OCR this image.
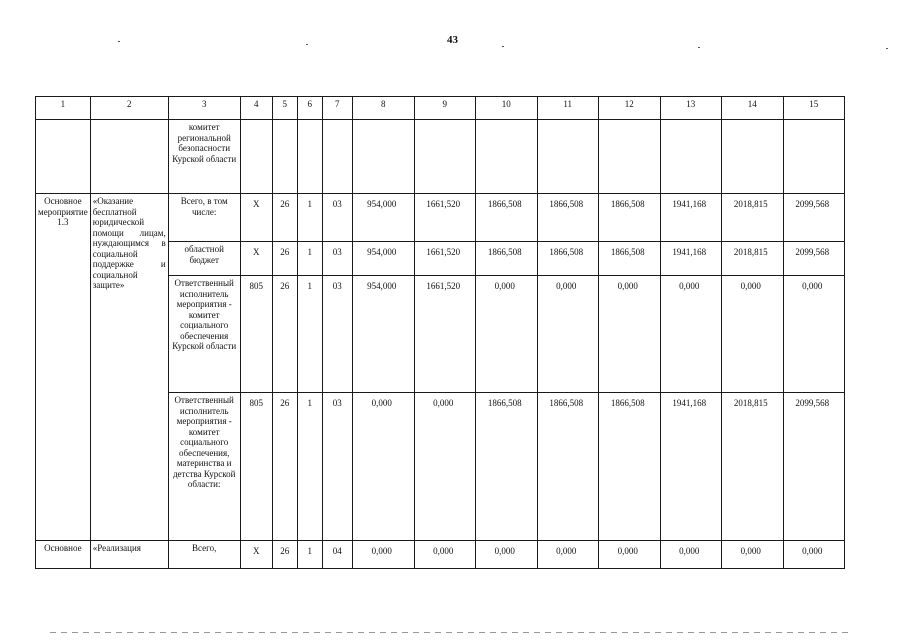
43
1	2	3	4	5	6	7	8	9	10	11	12	13	14	15
		комитет регионально​й безопасности Курской области												
Основное мероприятие 1.3	«Оказание бесплатной юридической помощи лицам, нуждающимся в социальной поддержке и социальной защите»	Всего, в том числе:	Х	26	1	03	954,000	1661,520	1866,508	1866,508	1866,508	1941,168	2018,815	2099,568
		областной бюджет	Х	26	1	03	954,000	1661,520	1866,508	1866,508	1866,508	1941,168	2018,815	2099,568
		Ответственный исполнитель мероприятия - комитет социального обеспечения Курской области	805	26	1	03	954,000	1661,520	0,000	0,000	0,000	0,000	0,000	0,000
		Ответственный исполнитель мероприятия - комитет социального обеспечения, материнства и детства Курской области:	805	26	1	03	0,000	0,000	1866,508	1866,508	1866,508	1941,168	2018,815	2099,568
Основное	«Реализация	Всего,	Х	26	1	04	0,000	0,000	0,000	0,000	0,000	0,000	0,000	0,000
